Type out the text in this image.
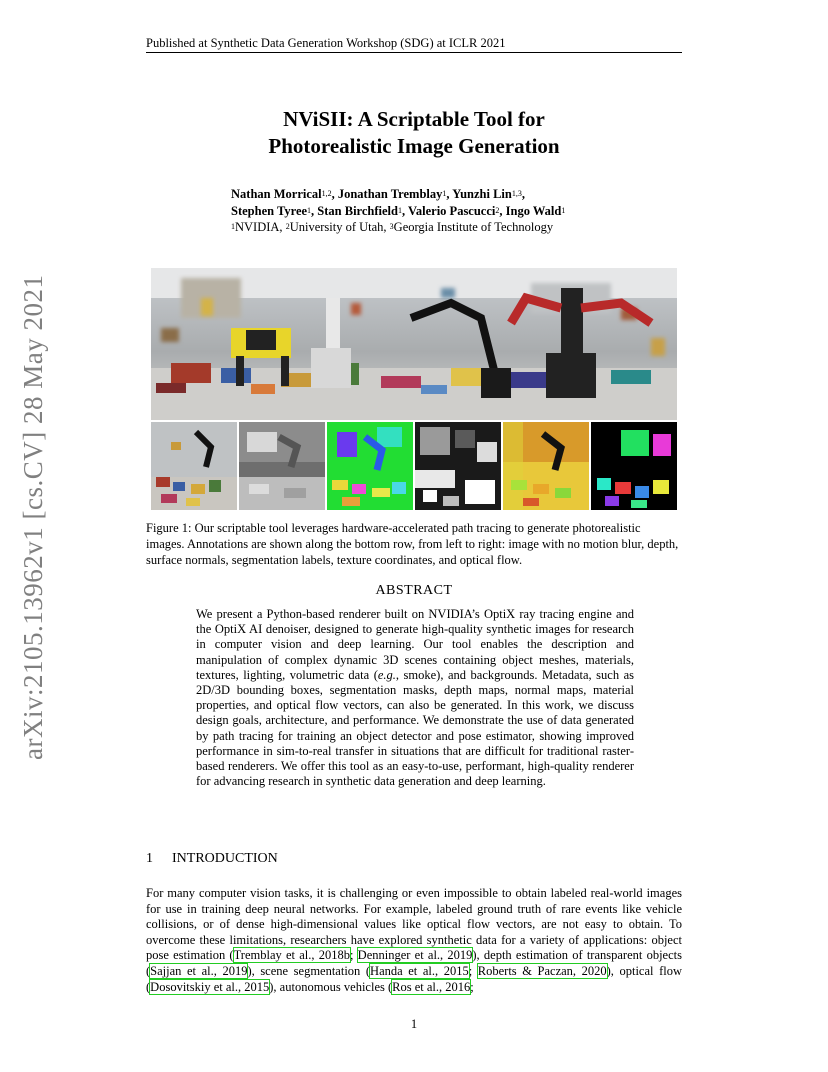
Published at Synthetic Data Generation Workshop (SDG) at ICLR 2021
NViSII: A Scriptable Tool for
Photorealistic Image Generation
Nathan Morrical$^{1,2}$, Jonathan Tremblay$^1$, Yunzhi Lin$^{1,3}$,
Stephen Tyree$^1$, Stan Birchfield$^1$, Valerio Pascucci$^2$, Ingo Wald$^1$
$^1$NVIDIA, $^2$University of Utah, $^3$Georgia Institute of Technology
arXiv:2105.13962v1 [cs.CV] 28 May 2021	Figure 1: Our scriptable tool leverages hardware-accelerated path tracing to generate photorealistic images. Annotations are shown along the bottom row, from left to right: image with no motion blur, depth, surface normals, segmentation labels, texture coordinates, and optical flow.
ABSTRACT
We present a Python-based renderer built on NVIDIA’s OptiX ray tracing engine and the OptiX AI denoiser, designed to generate high-quality synthetic images for research in computer vision and deep learning. Our tool enables the description and manipulation of complex dynamic 3D scenes containing object meshes, materials, textures, lighting, volumetric data (e.g., smoke), and backgrounds. Metadata, such as 2D/3D bounding boxes, segmentation masks, depth maps, normal maps, material properties, and optical flow vectors, can also be generated. In this work, we discuss design goals, architecture, and performance. We demonstrate the use of data generated by path tracing for training an object detector and pose estimator, showing improved performance in sim-to-real transfer in situations that are difficult for traditional raster-based renderers. We offer this tool as an easy-to-use, performant, high-quality renderer for advancing research in synthetic data generation and deep learning.
1 INTRODUCTION
For many computer vision tasks, it is challenging or even impossible to obtain labeled real-world images for use in training deep neural networks. For example, labeled ground truth of rare events like vehicle collisions, or of dense high-dimensional values like optical flow vectors, are not easy to obtain. To overcome these limitations, researchers have explored synthetic data for a variety of applications: object pose estimation (Tremblay et al., 2018b; Denninger et al., 2019), depth estimation of transparent objects (Sajjan et al., 2019), scene segmentation (Handa et al., 2015; Roberts & Paczan, 2020), optical flow (Dosovitskiy et al., 2015), autonomous vehicles (Ros et al., 2016;
1
